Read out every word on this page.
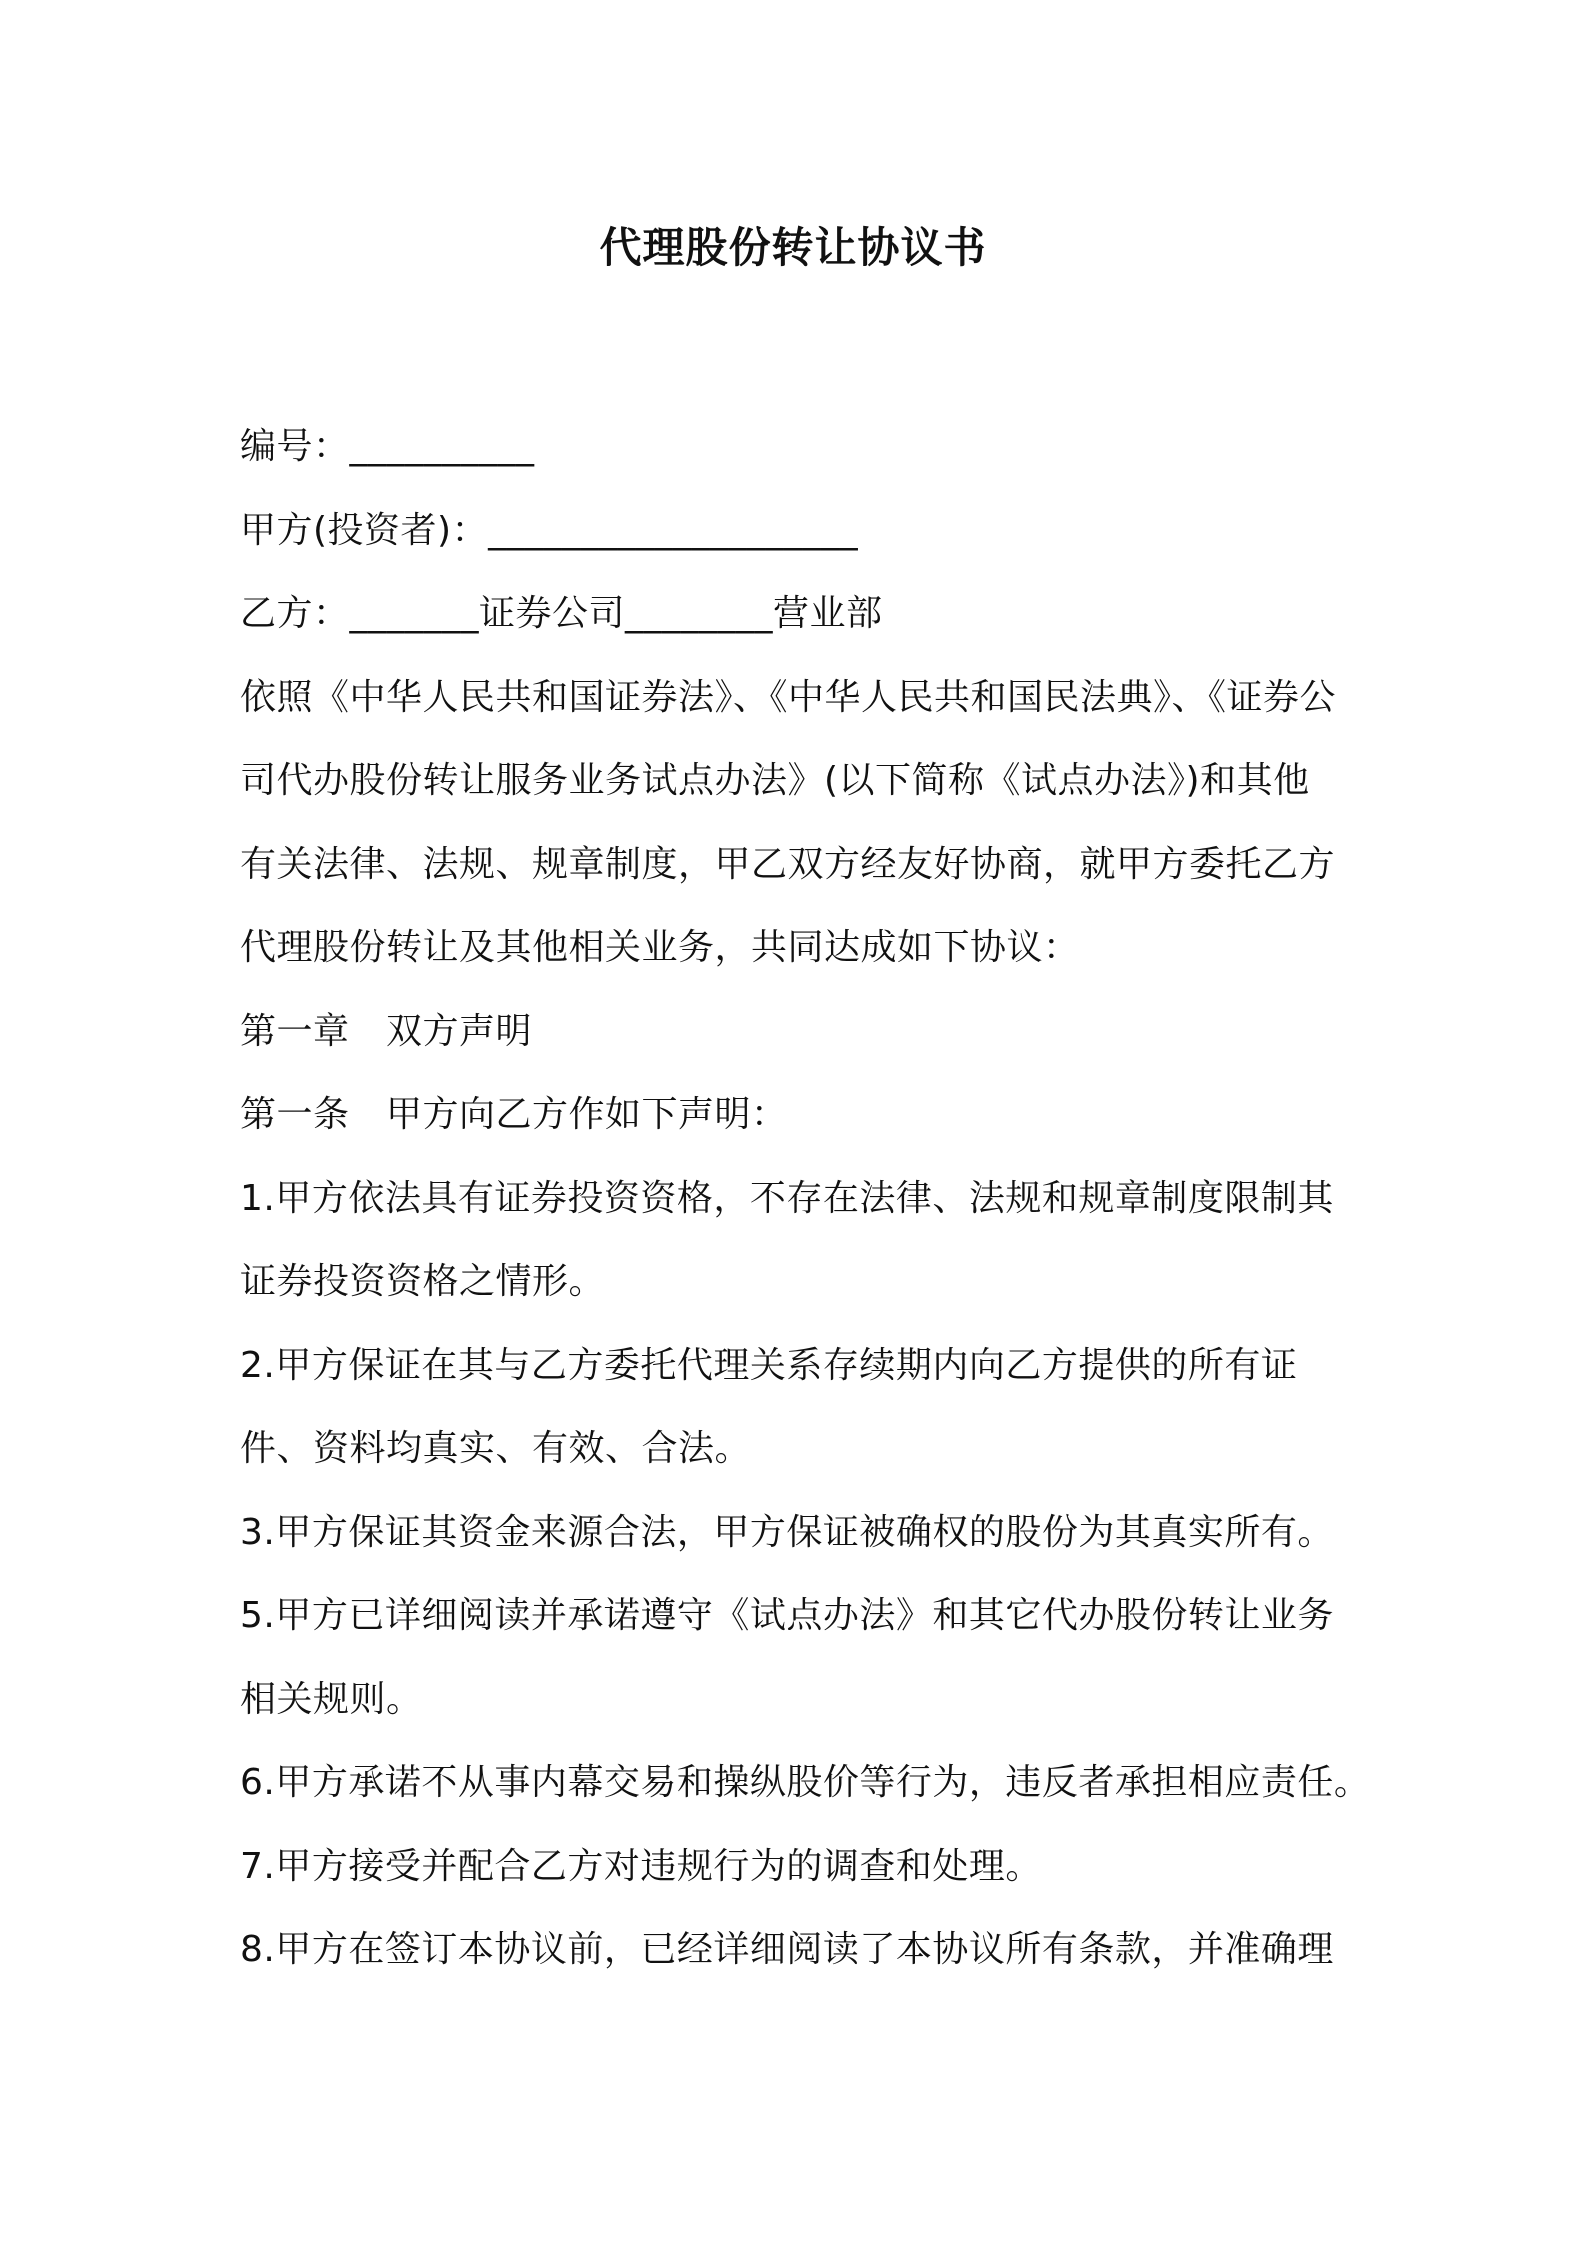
代理股份转让协议书
编号：__________
甲方(投资者)：____________________
乙方：_______证券公司________营业部
依照《中华人民共和国证券法》、《中华人民共和国民法典》、《证券公
司代办股份转让服务业务试点办法》(以下简称《试点办法》)和其他
有关法律、法规、规章制度，甲乙双方经友好协商，就甲方委托乙方
代理股份转让及其他相关业务，共同达成如下协议：
第一章　双方声明
第一条　甲方向乙方作如下声明：
1.甲方依法具有证券投资资格，不存在法律、法规和规章制度限制其
证券投资资格之情形。
2.甲方保证在其与乙方委托代理关系存续期内向乙方提供的所有证
件、资料均真实、有效、合法。
3.甲方保证其资金来源合法，甲方保证被确权的股份为其真实所有。
5.甲方已详细阅读并承诺遵守《试点办法》和其它代办股份转让业务
相关规则。
6.甲方承诺不从事内幕交易和操纵股价等行为，违反者承担相应责任。
7.甲方接受并配合乙方对违规行为的调查和处理。
8.甲方在签订本协议前，已经详细阅读了本协议所有条款，并准确理
